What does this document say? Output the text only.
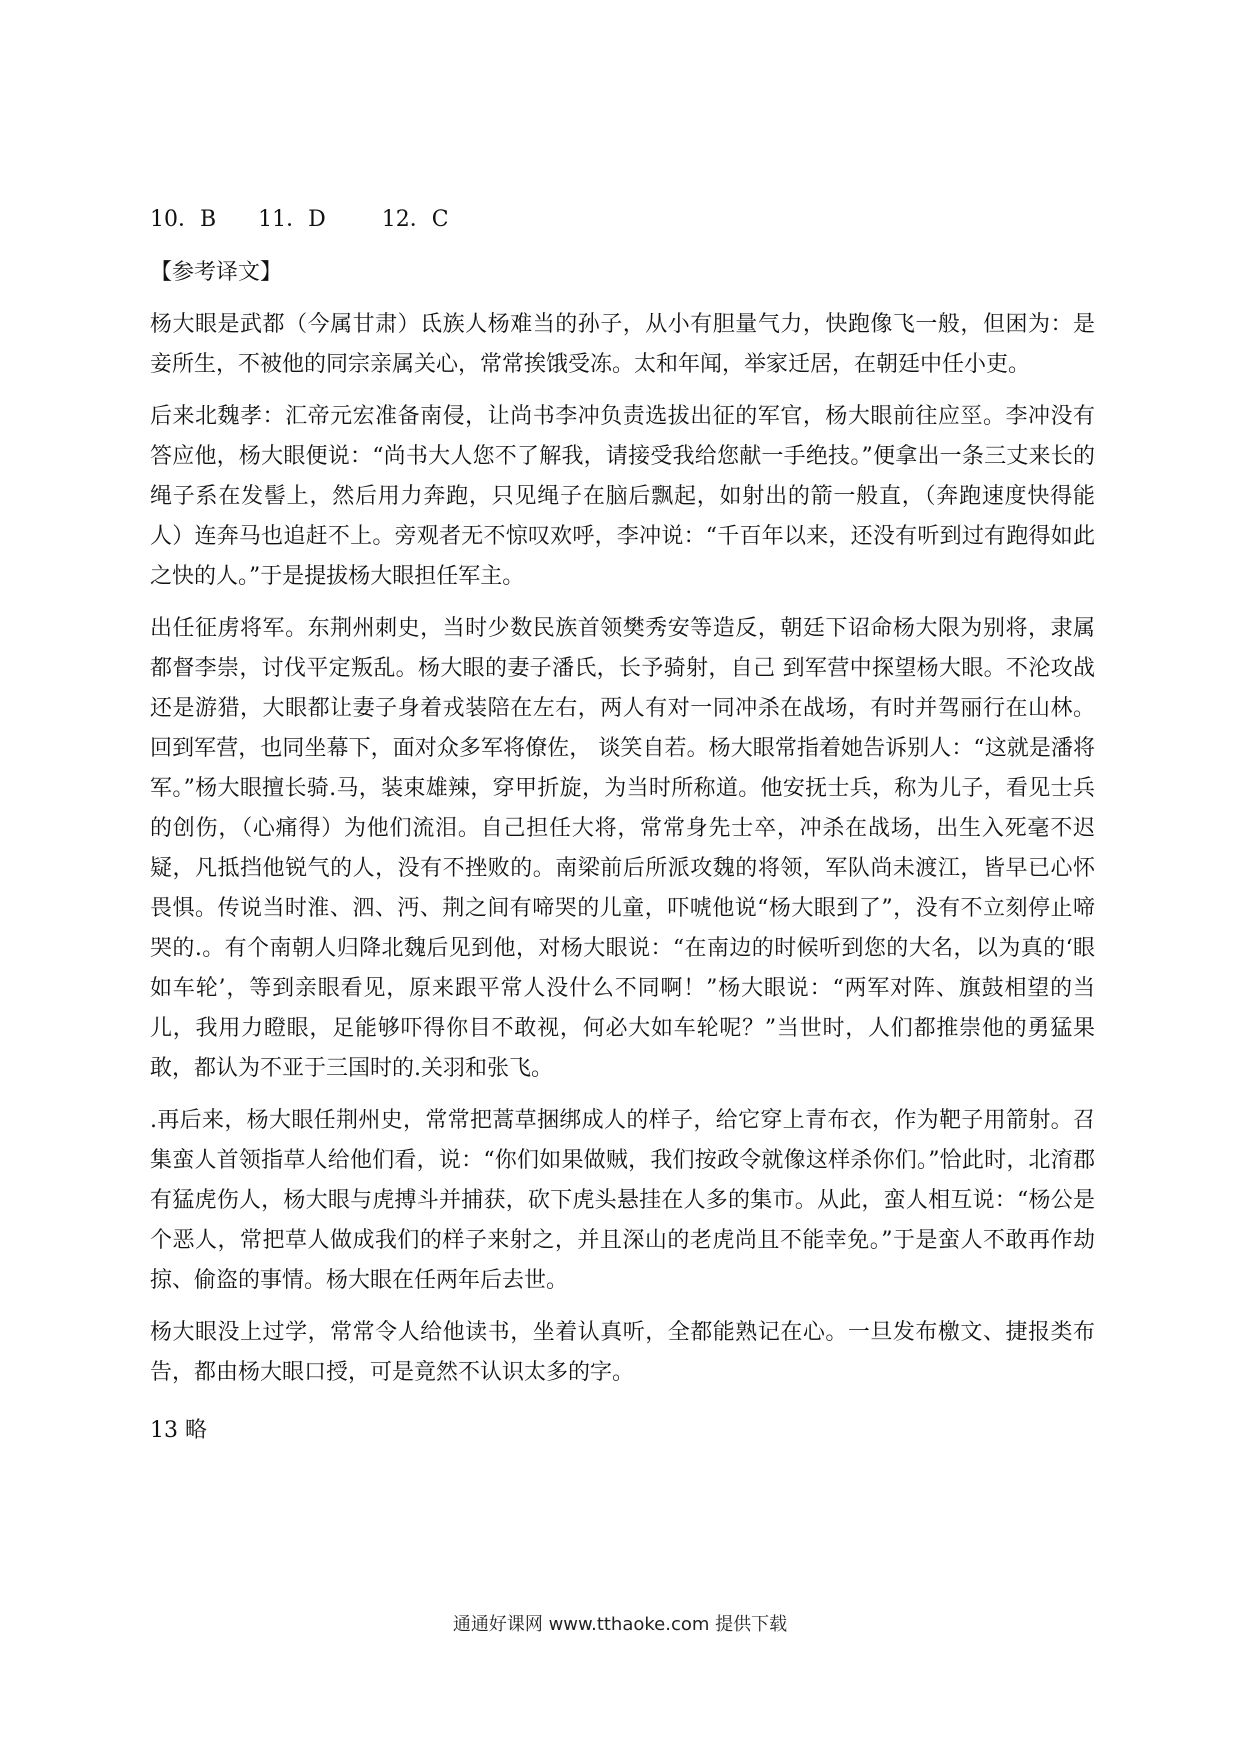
10．B      11．D        12．C
【参考译文】

杨大眼是武都（今属甘肃）氐族人杨难当的孙子，从小有胆量气力，快跑像飞一般，但困为：是妾所生，不被他的同宗亲属关心，常常挨饿受冻。太和年闻，举家迁居，在朝廷中任小吏。

后来北魏孝：汇帝元宏准备南侵，让尚书李冲负责选拔出征的军官，杨大眼前往应巠。李冲没有答应他，杨大眼便说：“尚书大人您不了解我，请接受我给您献一手绝技。”便拿出一条三丈来长的绳子系在发髻上，然后用力奔跑，只见绳子在脑后飘起，如射出的箭一般直，（奔跑速度快得能人）连奔马也追赶不上。旁观者无不惊叹欢呼，李冲说：“千百年以来，还没有听到过有跑得如此之快的人。”于是提拔杨大眼担任军主。

出任征虏将军。东荆州刺史，当时少数民族首领樊秀安等造反，朝廷下诏命杨大限为别将，隶属都督李崇，讨伐平定叛乱。杨大眼的妻子潘氏，长予骑射，自己 到军营中探望杨大眼。不沦攻战还是游猎，大眼都让妻子身着戎装陪在左右，两人有对一同冲杀在战场，有时并驾丽行在山林。回到军营，也同坐幕下，面对众多军将僚佐， 谈笑自若。杨大眼常指着她告诉别人：“这就是潘将军。”杨大眼擅长骑.马，装束雄辣，穿甲折旋，为当时所称道。他安抚士兵，称为儿子，看见士兵的创伤，（心痛得）为他们流泪。自己担任大将，常常身先士卒，冲杀在战场，出生入死毫不迟疑，凡抵挡他锐气的人，没有不挫败的。南梁前后所派攻魏的将领，军队尚未渡江，皆早已心怀畏惧。传说当时淮、泗、沔、荆之间有啼哭的儿童，吓唬他说“杨大眼到了”，没有不立刻停止啼哭的.。有个南朝人归降北魏后见到他，对杨大眼说：“在南边的时候听到您的大名，以为真的‘眼如车轮’，等到亲眼看见，原来跟平常人没什么不同啊！”杨大眼说：“两军对阵、旗鼓相望的当儿，我用力瞪眼，足能够吓得你目不敢视，何必大如车轮呢？”当世时，人们都推崇他的勇猛果敢，都认为不亚于三国时的.关羽和张飞。

.再后来，杨大眼任荆州史，常常把蒿草捆绑成人的样子，给它穿上青布衣，作为靶子用箭射。召集蛮人首领指草人给他们看，说：“你们如果做贼，我们按政令就像这样杀你们。”恰此时，北淯郡有猛虎伤人，杨大眼与虎搏斗并捕获，砍下虎头悬挂在人多的集市。从此，蛮人相互说：“杨公是个恶人，常把草人做成我们的样子来射之，并且深山的老虎尚且不能幸免。”于是蛮人不敢再作劫掠、偷盗的事情。杨大眼在任两年后去世。

杨大眼没上过学，常常令人给他读书，坐着认真听，全都能熟记在心。一旦发布檄文、捷报类布告，都由杨大眼口授，可是竟然不认识太多的字。

13 略
通通好课网 www.tthaoke.com 提供下载
